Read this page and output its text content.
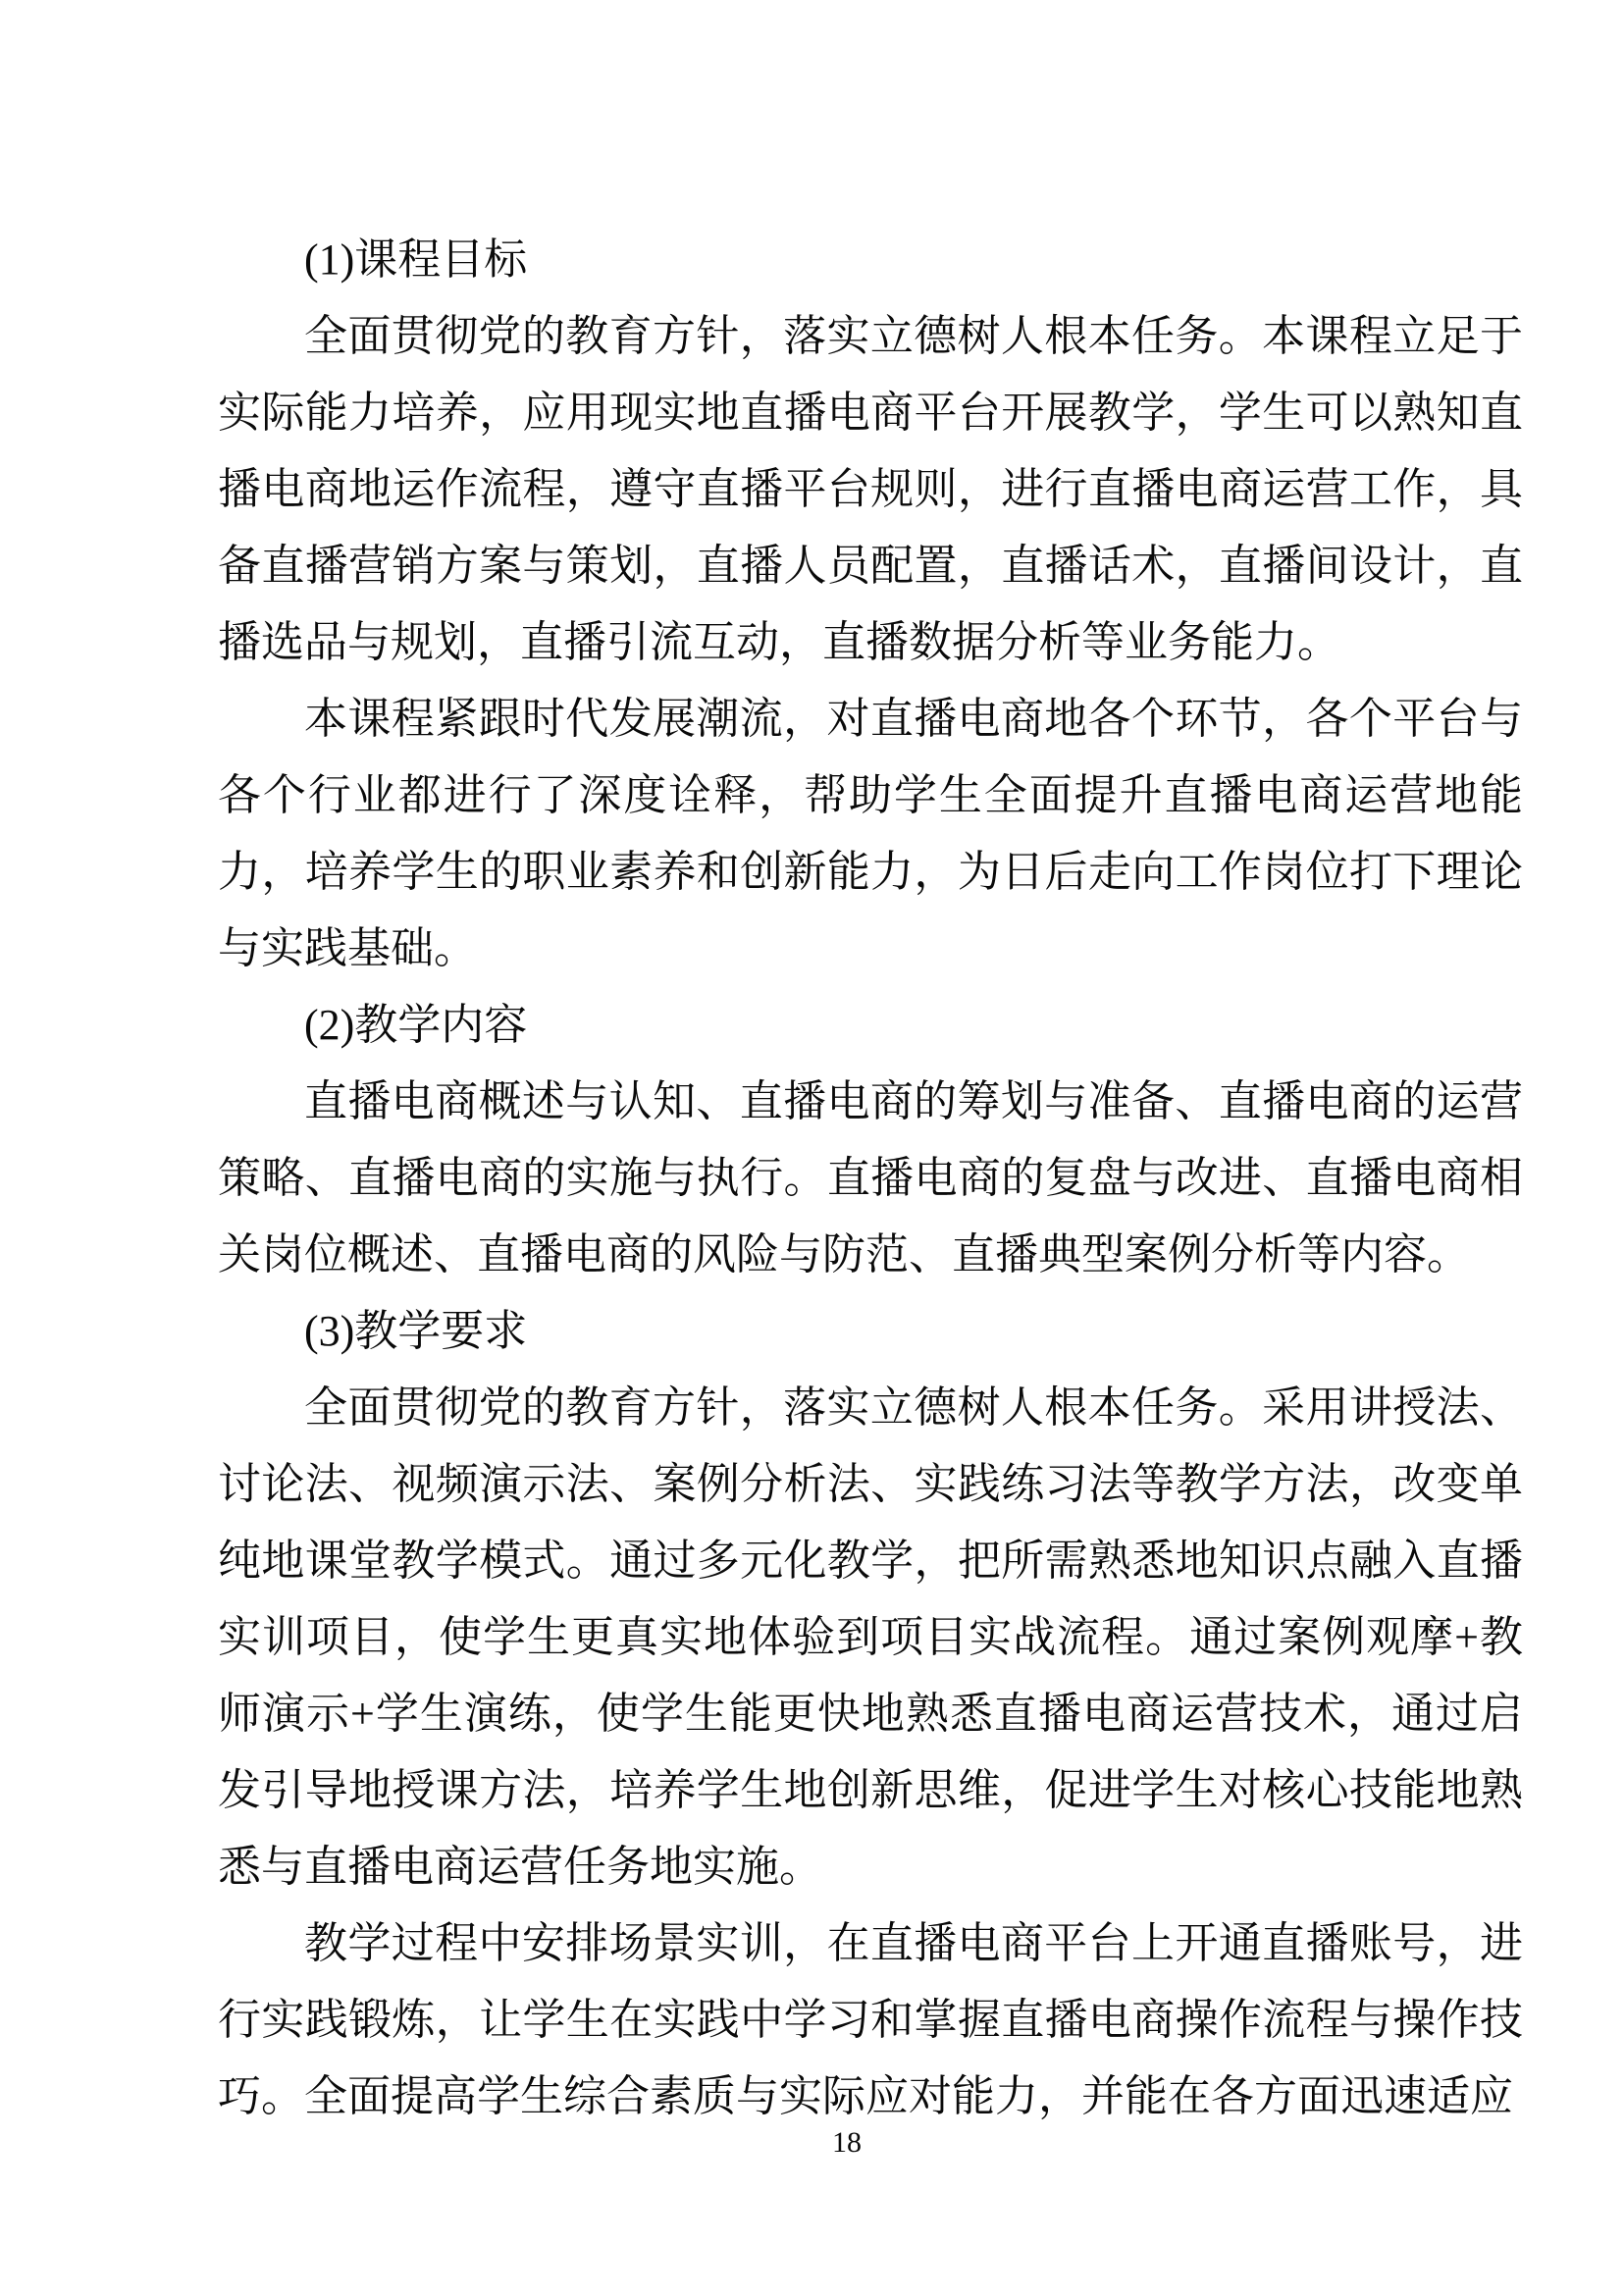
(1)课程目标

全面贯彻党的教育方针，落实立德树人根本任务。本课程立足于实际能力培养，应用现实地直播电商平台开展教学，学生可以熟知直播电商地运作流程，遵守直播平台规则，进行直播电商运营工作，具备直播营销方案与策划，直播人员配置，直播话术，直播间设计，直播选品与规划，直播引流互动，直播数据分析等业务能力。

本课程紧跟时代发展潮流，对直播电商地各个环节，各个平台与各个行业都进行了深度诠释，帮助学生全面提升直播电商运营地能力，培养学生的职业素养和创新能力，为日后走向工作岗位打下理论与实践基础。

(2)教学内容

直播电商概述与认知、直播电商的筹划与准备、直播电商的运营策略、直播电商的实施与执行。直播电商的复盘与改进、直播电商相关岗位概述、直播电商的风险与防范、直播典型案例分析等内容。

(3)教学要求

全面贯彻党的教育方针，落实立德树人根本任务。采用讲授法、讨论法、视频演示法、案例分析法、实践练习法等教学方法，改变单纯地课堂教学模式。通过多元化教学，把所需熟悉地知识点融入直播实训项目，使学生更真实地体验到项目实战流程。通过案例观摩+教师演示+学生演练，使学生能更快地熟悉直播电商运营技术，通过启发引导地授课方法，培养学生地创新思维，促进学生对核心技能地熟悉与直播电商运营任务地实施。

教学过程中安排场景实训，在直播电商平台上开通直播账号，进行实践锻炼，让学生在实践中学习和掌握直播电商操作流程与操作技巧。全面提高学生综合素质与实际应对能力，并能在各方面迅速适应

18
